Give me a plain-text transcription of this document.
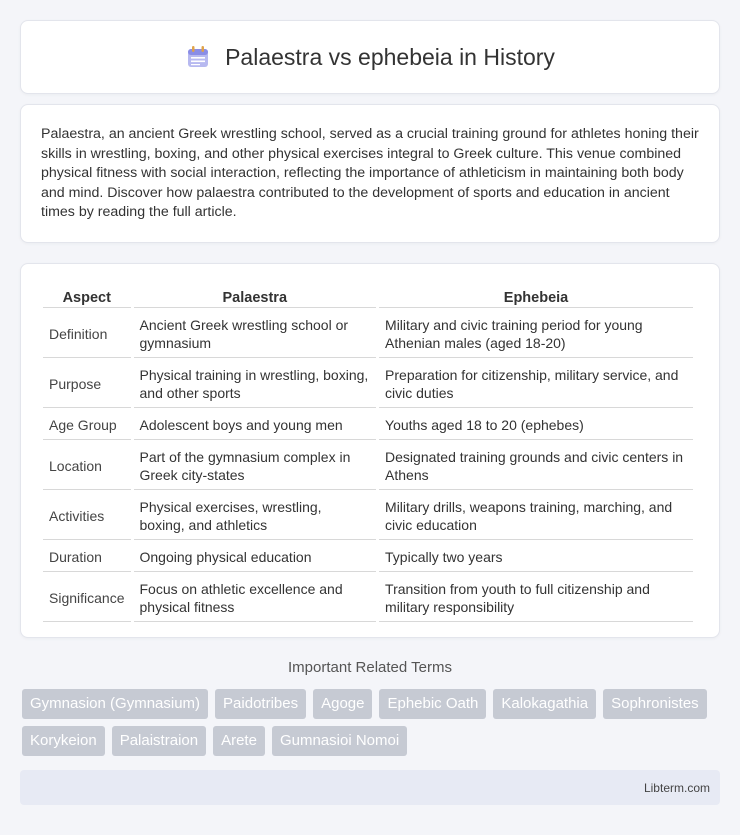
Palaestra vs ephebeia in History

Palaestra, an ancient Greek wrestling school, served as a crucial training ground for athletes honing their skills in wrestling, boxing, and other physical exercises integral to Greek culture. This venue combined physical fitness with social interaction, reflecting the importance of athleticism in maintaining both body and mind. Discover how palaestra contributed to the development of sports and education in ancient times by reading the full article.

Aspect	Palaestra	Ephebeia
Definition	Ancient Greek wrestling school or gymnasium	Military and civic training period for young Athenian males (aged 18-20)
Purpose	Physical training in wrestling, boxing, and other sports	Preparation for citizenship, military service, and civic duties
Age Group	Adolescent boys and young men	Youths aged 18 to 20 (ephebes)
Location	Part of the gymnasium complex in Greek city-states	Designated training grounds and civic centers in Athens
Activities	Physical exercises, wrestling, boxing, and athletics	Military drills, weapons training, marching, and civic education
Duration	Ongoing physical education	Typically two years
Significance	Focus on athletic excellence and physical fitness	Transition from youth to full citizenship and military responsibility
Important Related Terms
Gymnasion (Gymnasium)	Paidotribes	Agoge	Ephebic Oath	Kalokagathia	Sophronistes
Korykeion	Palaistraion	Arete	Gumnasioi Nomoi
Libterm.com
